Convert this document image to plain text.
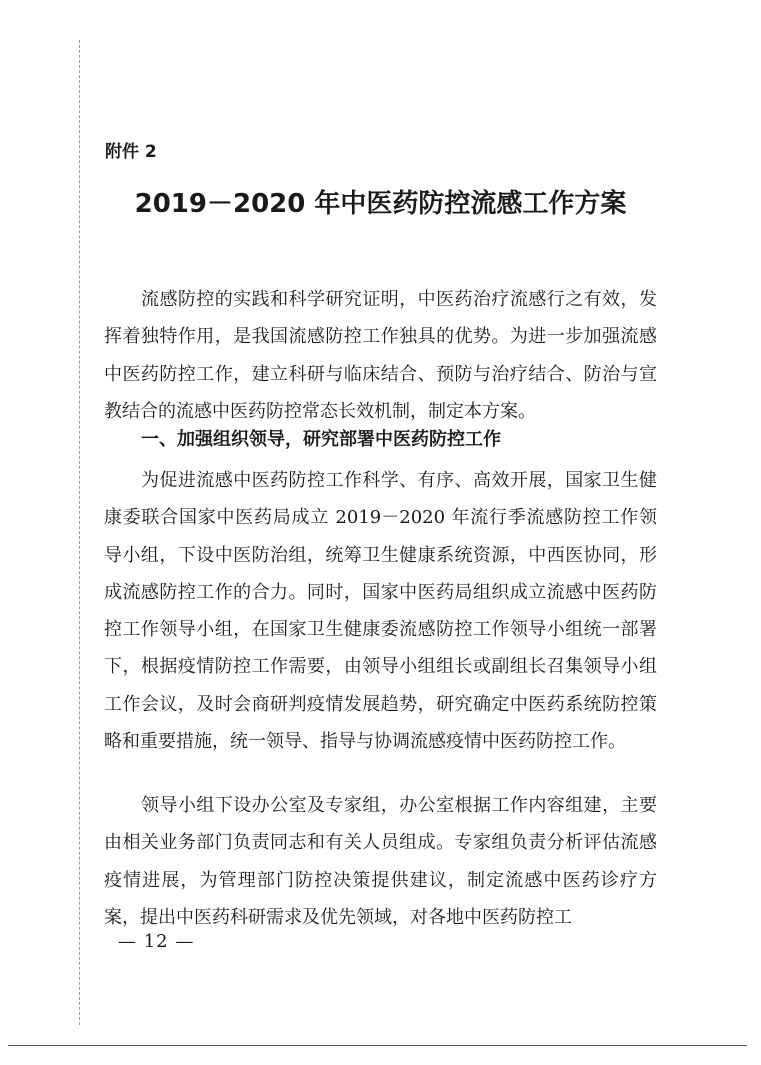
附件 2
2019－2020 年中医药防控流感工作方案

流感防控的实践和科学研究证明，中医药治疗流感行之有效，发挥着独特作用，是我国流感防控工作独具的优势。为进一步加强流感中医药防控工作，建立科研与临床结合、预防与治疗结合、防治与宣教结合的流感中医药防控常态长效机制，制定本方案。

一、加强组织领导，研究部署中医药防控工作

为促进流感中医药防控工作科学、有序、高效开展，国家卫生健康委联合国家中医药局成立 2019－2020 年流行季流感防控工作领导小组，下设中医防治组，统筹卫生健康系统资源，中西医协同，形成流感防控工作的合力。同时，国家中医药局组织成立流感中医药防控工作领导小组，在国家卫生健康委流感防控工作领导小组统一部署下，根据疫情防控工作需要，由领导小组组长或副组长召集领导小组工作会议，及时会商研判疫情发展趋势，研究确定中医药系统防控策略和重要措施，统一领导、指导与协调流感疫情中医药防控工作。

领导小组下设办公室及专家组，办公室根据工作内容组建，主要由相关业务部门负责同志和有关人员组成。专家组负责分析评估流感疫情进展，为管理部门防控决策提供建议，制定流感中医药诊疗方案，提出中医药科研需求及优先领域，对各地中医药防控工

— 12 —
